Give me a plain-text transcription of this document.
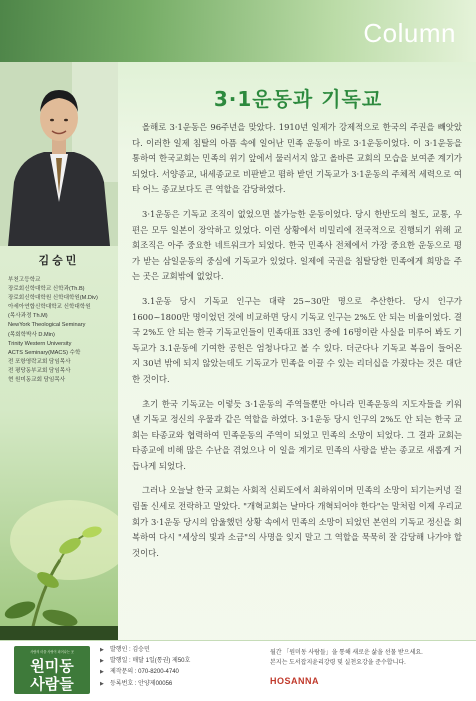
Column
김승민
부천고등학교
장로회신학대학교 신학과(Th.B)
장로회신학대학원 신학대학원(M.Div)
아세아연합신학대학교 신학대학원
(목사과정 Th.M)
NewYork Theological Seminary
(목회학박사 D.Min)
Trinity Western University
ACTS Seminary(MACS) 수학
전 포항영락교회 담임목사
전 평당동부교회 담임목사
현 원미동교회 담임목사
3·1운동과 기독교

올해로 3·1운동은 96주년을 맞았다. 1910년 일제가 강제적으로 한국의 주권을 빼앗았다. 이러한 일제 침탈의 아픔 속에 일어난 민족 운동이 바로 3·1운동이었다. 이 3·1운동을 통하여 한국교회는 민족의 위기 앞에서 물러서지 않고 올바른 교회의 모습을 보여준 계기가 되었다. 서양종교, 내세종교로 비판받고 폄하 받던 기독교가 3·1운동의 주체적 세력으로 여타 어느 종교보다도 큰 역할을 감당하였다.

3·1운동은 기독교 조직이 없었으면 불가능한 운동이었다. 당시 한반도의 철도, 교통, 우편은 모두 일본이 장악하고 있었다. 이런 상황에서 비밀리에 전국적으로 진행되기 위해 교회조직은 아주 중요한 네트워크가 되었다. 한국 민족사 전체에서 가장 중요한 운동으로 평가 받는 삼일운동의 중심에 기독교가 있었다. 일제에 국권을 침탈당한 민족에게 희망을 주는 곳은 교회밖에 없었다.

3.1운동 당시 기독교 인구는 대략 25~30만 명으로 추산한다. 당시 인구가 1600~1800만 명이었던 것에 비교하면 당시 기독교 인구는 2%도 안 되는 비율이었다. 결국 2%도 안 되는 한국 기독교인들이 민족대표 33인 중에 16명이란 사실을 미루어 봐도 기독교가 3.1운동에 기여한 공헌은 엄청나다고 볼 수 있다. 더군다나 기독교 복음이 들어온 지 30년 밖에 되지 않았는데도 기독교가 민족을 이끌 수 있는 리더십을 가졌다는 것은 대단한 것이다.

초기 한국 기독교는 이렇듯 3·1운동의 주역들뿐만 아니라 민족운동의 지도자들을 키워 낸 기독교 정신의 우물과 같은 역할을 하였다. 3·1운동 당시 인구의 2%도 안 되는 한국 교회는 타종교와 협력하여 민족운동의 주역이 되었고 민족의 소망이 되었다. 그 결과 교회는 타종교에 비해 많은 수난을 겪었으나 이 일을 계기로 민족의 사랑을 받는 종교로 새롭게 거듭나게 되었다.

그러나 오늘날 한국 교회는 사회적 신뢰도에서 최하위이며 민족의 소망이 되기는커녕 걸림돌 신세로 전락하고 말았다. "개혁교회는 날마다 개혁되어야 한다"는 말처럼 이제 우리교회가 3·1운동 당시의 암울했던 상황 속에서 민족의 소망이 되었던 본연의 기독교 정신을 회복하여 다시 "세상의 빛과 소금"의 사명을 잊지 말고 그 역할을 묵묵히 잘 감당해 나가야 할 것이다.

사람의 마을 사랑이 피어나는 곳
원미동
사람들
▶ 발행인 : 김승민
▶ 발행일 : 매달 1일(통권) 제50호
▶ 제작문의 : 070-8200-4740
▶ 등록번호 : 안양제00056
월간 「원미동 사람들」을 통해 새로운 삶을 선물 받으세요.
본지는 도서잡지윤리강령 및 실천요강을 준수합니다.
HOSANNA
